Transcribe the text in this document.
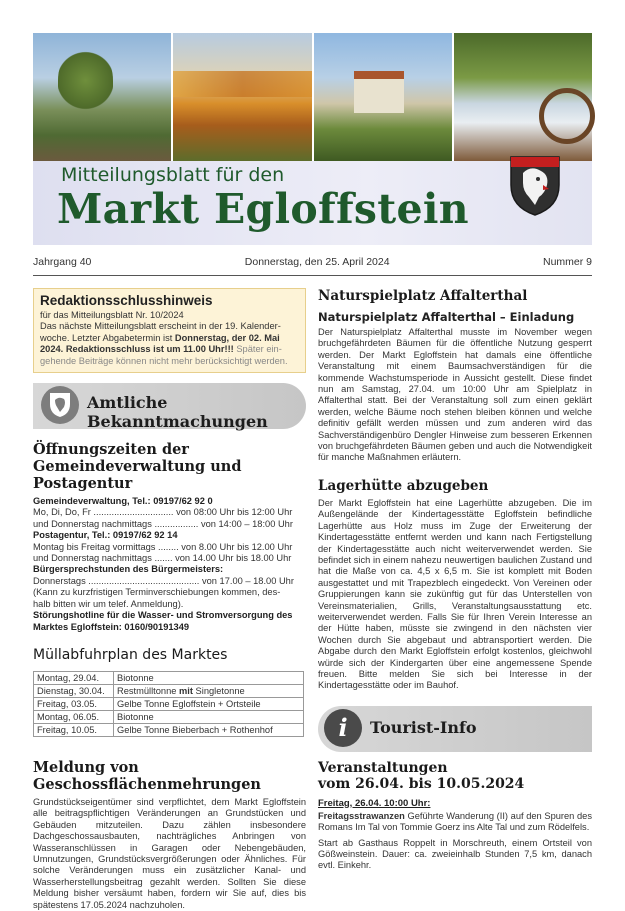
Mitteilungsblatt für den
Markt Egloffstein
Jahrgang 40	Donnerstag, den 25. April 2024	Nummer 9
Redaktionsschlusshinweis
für das Mitteilungsblatt Nr. 10/2024
Das nächste Mitteilungsblatt erscheint in der 19. Kalender-
woche. Letzter Abgabetermin ist Donnerstag, der 02. Mai
2024. Redaktionsschluss ist um 11.00 Uhr!!! Später ein-
gehende Beiträge können nicht mehr berücksichtigt werden.
Amtliche Bekanntmachungen
Öffnungszeiten der Gemeindeverwaltung und Postagentur
Gemeindeverwaltung, Tel.: 09197/62 92 0
Mo, Di, Do, Fr ............................... von 08:00 Uhr bis 12:00 Uhr
und Donnerstag nachmittags ................. von 14:00 – 18:00 Uhr
Postagentur, Tel.: 09197/62 92 14
Montag bis Freitag vormittags ........ von 8.00 Uhr bis 12.00 Uhr
und Donnerstag nachmittags ....... von 14.00 Uhr bis 18.00 Uhr
Bürgersprechstunden des Bürgermeisters:
Donnerstags ........................................... von 17.00 – 18.00 Uhr
(Kann zu kurzfristigen Terminverschiebungen kommen, des-
halb bitten wir um telef. Anmeldung).
Störungshotline für die Wasser- und Stromversorgung des
Marktes Egloffstein: 0160/90191349
Müllabfuhrplan des Marktes
Montag, 29.04.	Biotonne
Dienstag, 30.04.	Restmülltonne mit Singletonne
Freitag, 03.05.	Gelbe Tonne Egloffstein + Ortsteile
Montag, 06.05.	Biotonne
Freitag, 10.05.	Gelbe Tonne Bieberbach + Rothenhof
Meldung von Geschossflächenmehrungen
Grundstückseigentümer sind verpflichtet, dem Markt Egloffstein alle beitragspflichtigen Veränderungen an Grundstücken und Gebäuden mitzuteilen. Dazu zählen insbesondere Dachgeschossausbauten, nachträgliches Anbringen von Wasseranschlüssen in Garagen oder Nebengebäuden, Umnutzungen, Grundstücksvergrößerungen oder Ähnliches. Für solche Veränderungen muss ein zusätzlicher Kanal- und Wasserherstellungsbeitrag gezahlt werden. Sollten Sie diese Meldung bisher versäumt haben, fordern wir Sie auf, dies bis spätestens 17.05.2024 nachzuholen.
Naturspielplatz Affalterthal
Naturspielplatz Affalterthal – Einladung
Der Naturspielplatz Affalterthal musste im November wegen bruchgefährdeten Bäumen für die öffentliche Nutzung gesperrt werden. Der Markt Egloffstein hat damals eine öffentliche Veranstaltung mit einem Baumsachverständigen für die kommende Wachstumsperiode in Aussicht gestellt. Diese findet nun am Samstag, 27.04. um 10:00 Uhr am Spielplatz in Affalterthal statt. Bei der Veranstaltung soll zum einen geklärt werden, welche Bäume noch stehen bleiben können und welche definitiv gefällt werden müssen und zum anderen wird das Sachverständigenbüro Dengler Hinweise zum besseren Erkennen von bruchgefährdeten Bäumen geben und auch die Notwendigkeit für manche Maßnahmen erläutern.
Lagerhütte abzugeben
Der Markt Egloffstein hat eine Lagerhütte abzugeben. Die im Außengelände der Kindertagesstätte Egloffstein befindliche Lagerhütte aus Holz muss im Zuge der Erweiterung der Kindertagesstätte entfernt werden und kann nach Fertigstellung der Kindertagesstätte auch nicht weiterverwendet werden. Sie befindet sich in einem nahezu neuwertigen baulichen Zustand und hat die Maße von ca. 4,5 x 6,5 m. Sie ist komplett mit Boden ausgestattet und mit Trapezblech eingedeckt. Von Vereinen oder Gruppierungen kann sie zukünftig gut für das Unterstellen von Vereinsmaterialien, Grills, Veranstaltungsausstattung etc. weiterverwendet werden. Falls Sie für Ihren Verein Interesse an der Hütte haben, müsste sie zwingend in den nächsten vier Wochen durch Sie abgebaut und abtransportiert werden. Die Abgabe durch den Markt Egloffstein erfolgt kostenlos, gleichwohl würde sich der Kindergarten über eine angemessene Spende freuen. Bitte melden Sie sich bei Interesse in der Kindertagesstätte oder im Bauhof.
i	Tourist-Info
Veranstaltungen
vom 26.04. bis 10.05.2024
Freitag, 26.04. 10:00 Uhr:
Freitagsstrawanzen Geführte Wanderung (II) auf den Spuren des Romans Im Tal von Tommie Goerz ins Alte Tal und zum Rödelfels.
Start ab Gasthaus Roppelt in Morschreuth, einem Ortsteil von Gößweinstein. Dauer: ca. zweieinhalb Stunden 7,5 km, danach evtl. Einkehr.
